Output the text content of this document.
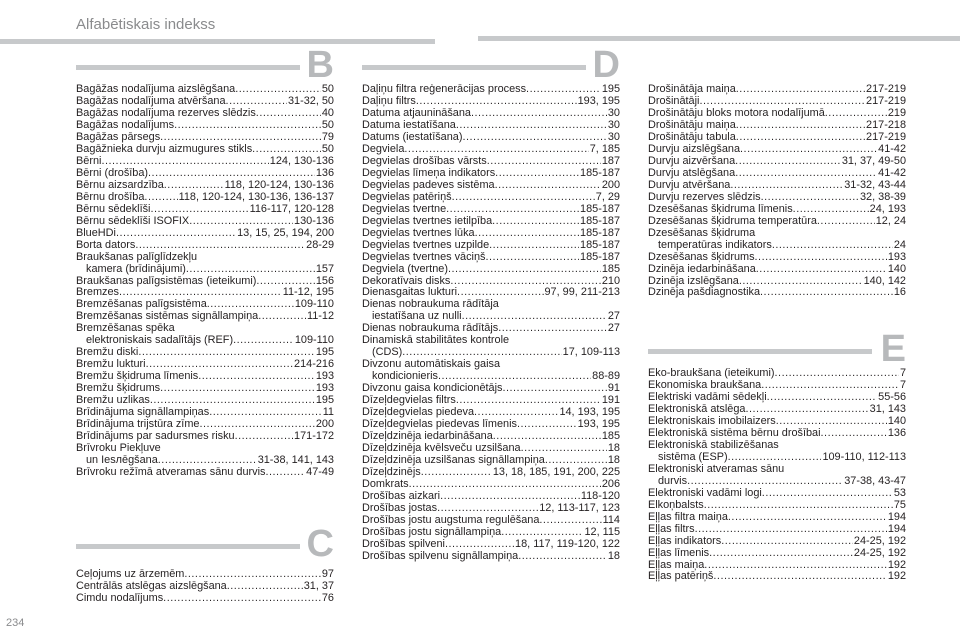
Alfabētiskais indekss
B
Bagāžas nodalījuma aizslēgšana .....	50
Bagāžas nodalījuma atvēršana .....	31-32, 50
Bagāžas nodalījuma rezerves slēdzis .....	40
Bagāžas nodalījums .....	50
Bagāžas pārsegs .....	79
Bagāžnieka durvju aizmugures stikls .....	50
Bērni .....	124, 130-136
Bērni (drošība) .....	136
Bērnu aizsardzība .....	118, 120-124, 130-136
Bērnu drošība .....	118, 120-124, 130-136, 136-137
Bērnu sēdeklīši .....	116-117, 120-128
Bērnu sēdeklīši ISOFIX .....	130-136
BlueHDi .....	13, 15, 25, 194, 200
Borta dators .....	28-29
Braukšanas palīglīdzekļu
kamera (brīdinājumi) .....	157
Braukšanas palīgsistēmas (ieteikumi) .....	156
Bremzes .....	11-12, 195
Bremzēšanas palīgsistēma .....	109-110
Bremzēšanas sistēmas signāllampiņa .....	11-12
Bremzēšanas spēka
elektroniskais sadalītājs (REF) .....	109-110
Bremžu diski .....	195
Bremžu lukturi .....	214-216
Bremžu šķidruma līmenis .....	193
Bremžu šķidrums .....	193
Bremžu uzlikas .....	195
Brīdinājuma signāllampiņas .....	11
Brīdinājuma trijstūra zīme .....	200
Brīdinājums par sadursmes risku .....	171-172
Brīvroku Piekļuve
un Iesлēgšana .....	31-38, 141, 143
Brīvroku režīmā atveramas sānu durvis .....	47-49
C
Ceļojums uz ārzemēm .....	97
Centrālās atslēgas aizslēgšana .....	31, 37
Cimdu nodalījums .....	76
D
Daļiņu filtra reģenerācijas process .....	195
Daļiņu filtrs .....	193, 195
Datuma atjaunināšana .....	30
Datuma iestatīšana .....	30
Datums (iestatīšana) .....	30
Degviela .....	7, 185
Degvielas drošības vārsts .....	187
Degvielas līmeņa indikators .....	185-187
Degvielas padeves sistēma .....	200
Degvielas patēriņš .....	7, 29
Degvielas tvertne .....	185-187
Degvielas tvertnes ietilpība .....	185-187
Degvielas tvertnes lūka .....	185-187
Degvielas tvertnes uzpilde .....	185-187
Degvielas tvertnes vāciņš .....	185-187
Degviela (tvertne) .....	185
Dekoratīvais disks .....	210
Dienasgaitas lukturi .....	97, 99, 211-213
Dienas nobraukuma rādītāja
iestatīšana uz nulli .....	27
Dienas nobraukuma rādītājs .....	27
Dinamiskā stabilitātes kontrole
(CDS) .....	17, 109-113
Divzonu automātiskais gaisa
kondicionieris .....	88-89
Divzonu gaisa kondicionētājs .....	91
Dīzeļdegvielas filtrs .....	191
Dīzeļdegvielas piedeva .....	14, 193, 195
Dīzeļdegvielas piedevas līmenis .....	193, 195
Dīzeļdzinēja iedarbināšana .....	185
Dīzeļdzinēja kvēlsveču uzsilšana .....	18
Dīzeļdzinēja uzsilšanas signāllampiņa .....	18
Dīzeļdzinējs .....	13, 18, 185, 191, 200, 225
Domkrats .....	206
Drošības aizkari .....	118-120
Drošības jostas .....	12, 113-117, 123
Drošības jostu augstuma regulēšana .....	114
Drošības jostu signāllampiņa .....	12, 115
Drošības spilveni .....	18, 117, 119-120, 122
Drošības spilvenu signāllampiņa .....	18
Drošinātāja maiņa .....	217-219
Drošinātāji .....	217-219
Drošinātāju bloks motora nodalījumā .....	219
Drošinātāju maiņa .....	217-218
Drošinātāju tabula .....	217-219
Durvju aizslēgšana .....	41-42
Durvju aizvēršana .....	31, 37, 49-50
Durvju atslēgšana .....	41-42
Durvju atvēršana .....	31-32, 43-44
Durvju rezerves slēdzis .....	32, 38-39
Dzesēšanas šķidruma līmenis .....	24, 193
Dzesēšanas šķidruma temperatūra .....	12, 24
Dzesēšanas šķidruma
temperatūras indikators .....	24
Dzesēšanas šķidrums .....	193
Dzinēja iedarbināšana .....	140
Dzinēja izslēgšana .....	140, 142
Dzinēja pašdiagnostika .....	16
E
Eko-braukšana (ieteikumi) .....	7
Ekonomiska braukšana .....	7
Elektriski vadāmi sēdekļi .....	55-56
Elektroniskā atslēga .....	31, 143
Elektroniskais imobilaizers .....	140
Elektroniskā sistēma bērnu drošībai .....	136
Elektroniskā stabilizēšanas
sistēma (ESP) .....	109-110, 112-113
Elektroniski atveramas sānu
durvis .....	37-38, 43-47
Elektroniski vadāmi logi .....	53
Elkoņbalsts .....	75
Eļļas filtra maiņa .....	194
Eļļas filtrs .....	194
Eļļas indikators .....	24-25, 192
Eļļas līmenis .....	24-25, 192
Eļļas maiņa .....	192
Eļļas patēriņš .....	192
234
